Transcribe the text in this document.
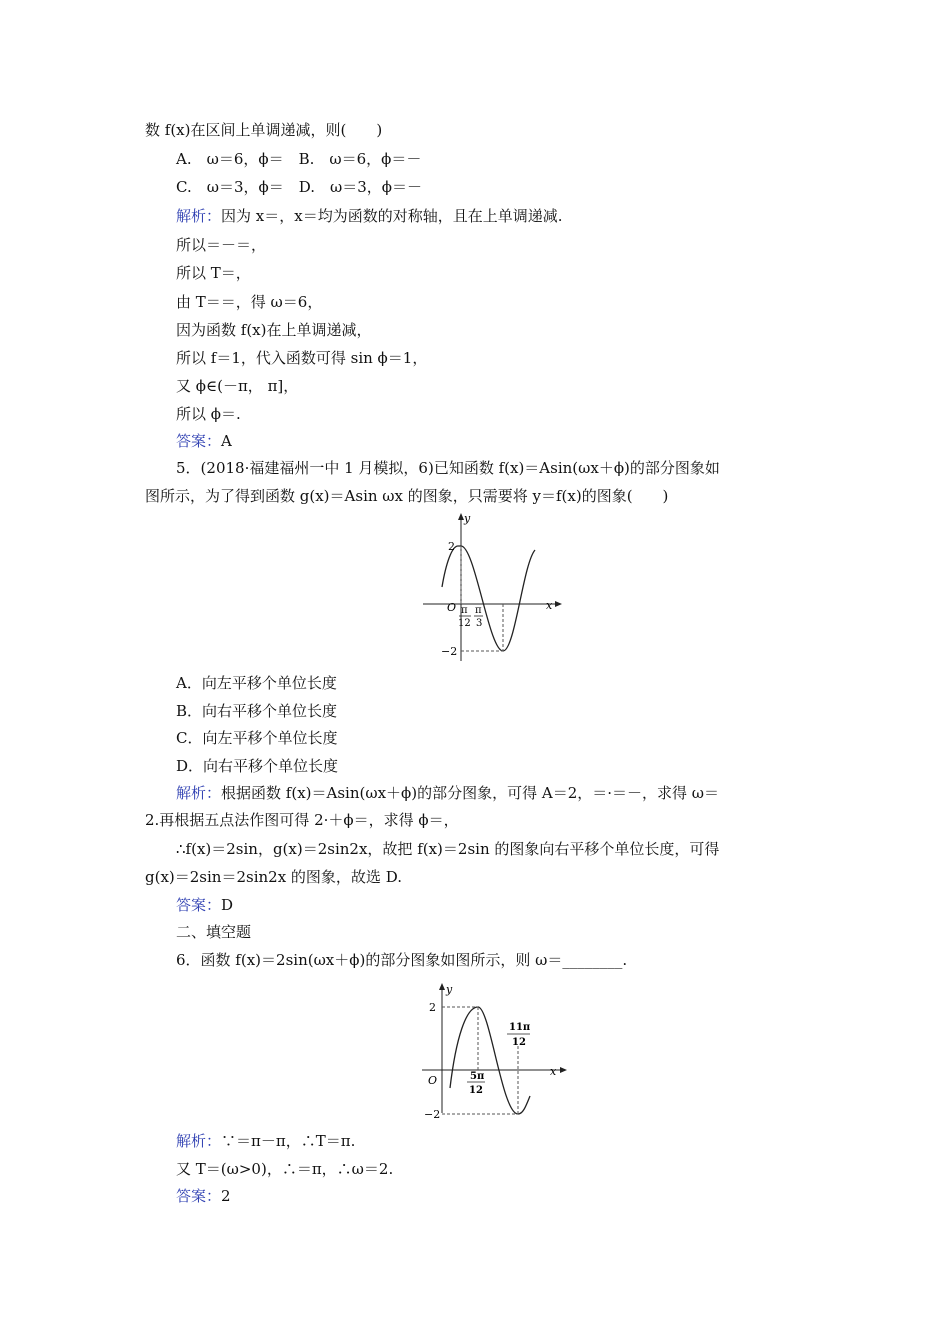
数 f(x)在区间上单调递减，则(　　)
A.　ω＝6，ϕ＝　B.　ω＝6，ϕ＝－
C.　ω＝3，ϕ＝　D.　ω＝3，ϕ＝－
解析：因为 x＝，x＝均为函数的对称轴，且在上单调递减.
所以＝－＝，
所以 T＝，
由 T＝＝，得 ω＝6，
因为函数 f(x)在上单调递减，
所以 f＝1，代入函数可得 sin ϕ＝1，
又 ϕ∈(－π， π]，
所以 ϕ＝.
答案：A
5．(2018·福建福州一中 1 月模拟，6)已知函数 f(x)＝Asin(ωx＋ϕ)的部分图象如
图所示，为了得到函数 g(x)＝Asin ωx 的图象，只需要将 y＝f(x)的图象(　　)
y
x
O
2
−2
π
12
π
3
A．向左平移个单位长度
B．向右平移个单位长度
C．向左平移个单位长度
D．向右平移个单位长度
解析：根据函数 f(x)＝Asin(ωx＋ϕ)的部分图象，可得 A＝2，＝·＝－，求得 ω＝
2.再根据五点法作图可得 2·＋ϕ＝，求得 ϕ＝，
∴f(x)＝2sin，g(x)＝2sin2x，故把 f(x)＝2sin 的图象向右平移个单位长度，可得
g(x)＝2sin＝2sin2x 的图象，故选 D.
答案：D
二、填空题
6．函数 f(x)＝2sin(ωx＋ϕ)的部分图象如图所示，则 ω＝________.
y
x
O
2
−2
5π
12
11π
12
解析：∵＝π－π，∴T＝π.
又 T＝(ω>0)，∴＝π，∴ω＝2.
答案：2
